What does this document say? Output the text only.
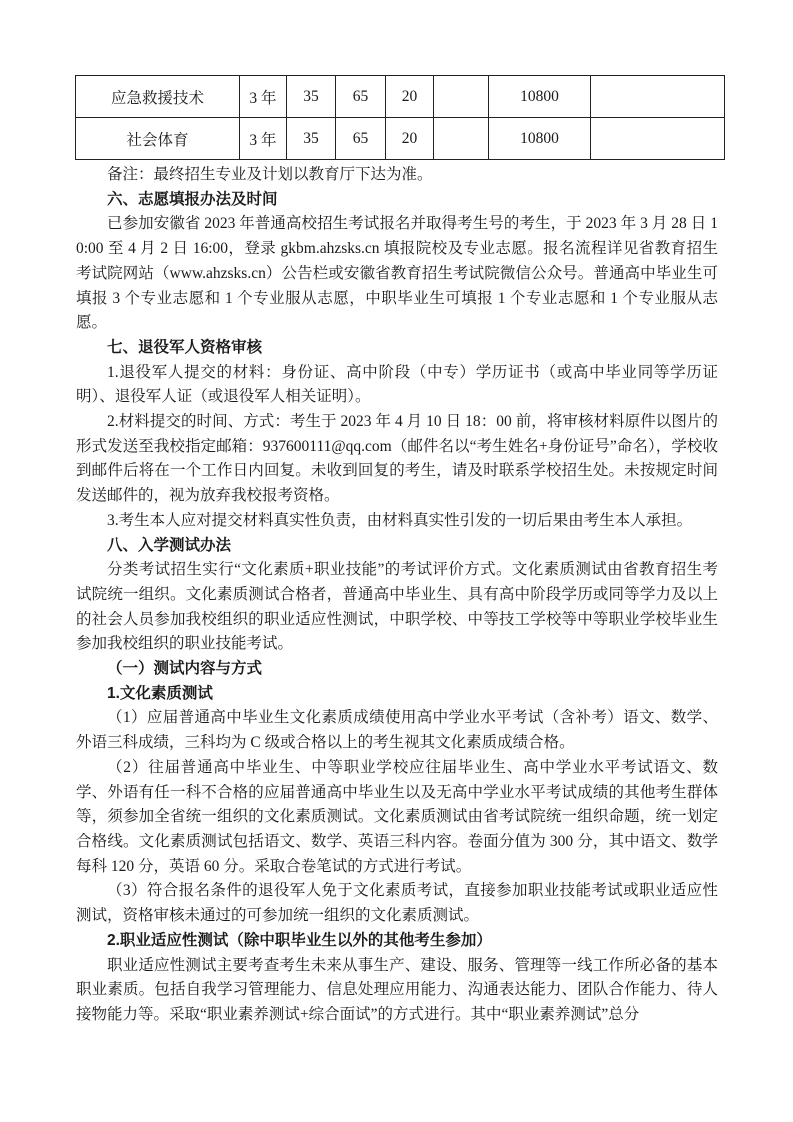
应急救援技术	3 年	35	65	20		10800	
社会体育	3 年	35	65	20		10800	

备注：最终招生专业及计划以教育厅下达为准。

六、志愿填报办法及时间

已参加安徽省 2023 年普通高校招生考试报名并取得考生号的考生，于 2023 年 3 月 28 日 10:00 至 4 月 2 日 16:00，登录 gkbm.ahzsks.cn 填报院校及专业志愿。报名流程详见省教育招生考试院网站（www.ahzsks.cn）公告栏或安徽省教育招生考试院微信公众号。普通高中毕业生可填报 3 个专业志愿和 1 个专业服从志愿，中职毕业生可填报 1 个专业志愿和 1 个专业服从志愿。

七、退役军人资格审核

1.退役军人提交的材料：身份证、高中阶段（中专）学历证书（或高中毕业同等学历证明）、退役军人证（或退役军人相关证明）。

2.材料提交的时间、方式：考生于 2023 年 4 月 10 日 18：00 前，将审核材料原件以图片的形式发送至我校指定邮箱：937600111@qq.com（邮件名以“考生姓名+身份证号”命名），学校收到邮件后将在一个工作日内回复。未收到回复的考生，请及时联系学校招生处。未按规定时间发送邮件的，视为放弃我校报考资格。

3.考生本人应对提交材料真实性负责，由材料真实性引发的一切后果由考生本人承担。

八、入学测试办法

分类考试招生实行“文化素质+职业技能”的考试评价方式。文化素质测试由省教育招生考试院统一组织。文化素质测试合格者，普通高中毕业生、具有高中阶段学历或同等学力及以上的社会人员参加我校组织的职业适应性测试，中职学校、中等技工学校等中等职业学校毕业生参加我校组织的职业技能考试。

（一）测试内容与方式

1.文化素质测试

（1）应届普通高中毕业生文化素质成绩使用高中学业水平考试（含补考）语文、数学、外语三科成绩，三科均为 C 级或合格以上的考生视其文化素质成绩合格。

（2）往届普通高中毕业生、中等职业学校应往届毕业生、高中学业水平考试语文、数学、外语有任一科不合格的应届普通高中毕业生以及无高中学业水平考试成绩的其他考生群体等，须参加全省统一组织的文化素质测试。文化素质测试由省考试院统一组织命题，统一划定合格线。文化素质测试包括语文、数学、英语三科内容。卷面分值为 300 分，其中语文、数学每科 120 分，英语 60 分。采取合卷笔试的方式进行考试。

（3）符合报名条件的退役军人免于文化素质考试，直接参加职业技能考试或职业适应性测试，资格审核未通过的可参加统一组织的文化素质测试。

2.职业适应性测试（除中职毕业生以外的其他考生参加）

职业适应性测试主要考查考生未来从事生产、建设、服务、管理等一线工作所必备的基本职业素质。包括自我学习管理能力、信息处理应用能力、沟通表达能力、团队合作能力、待人接物能力等。采取“职业素养测试+综合面试”的方式进行。其中“职业素养测试”总分
